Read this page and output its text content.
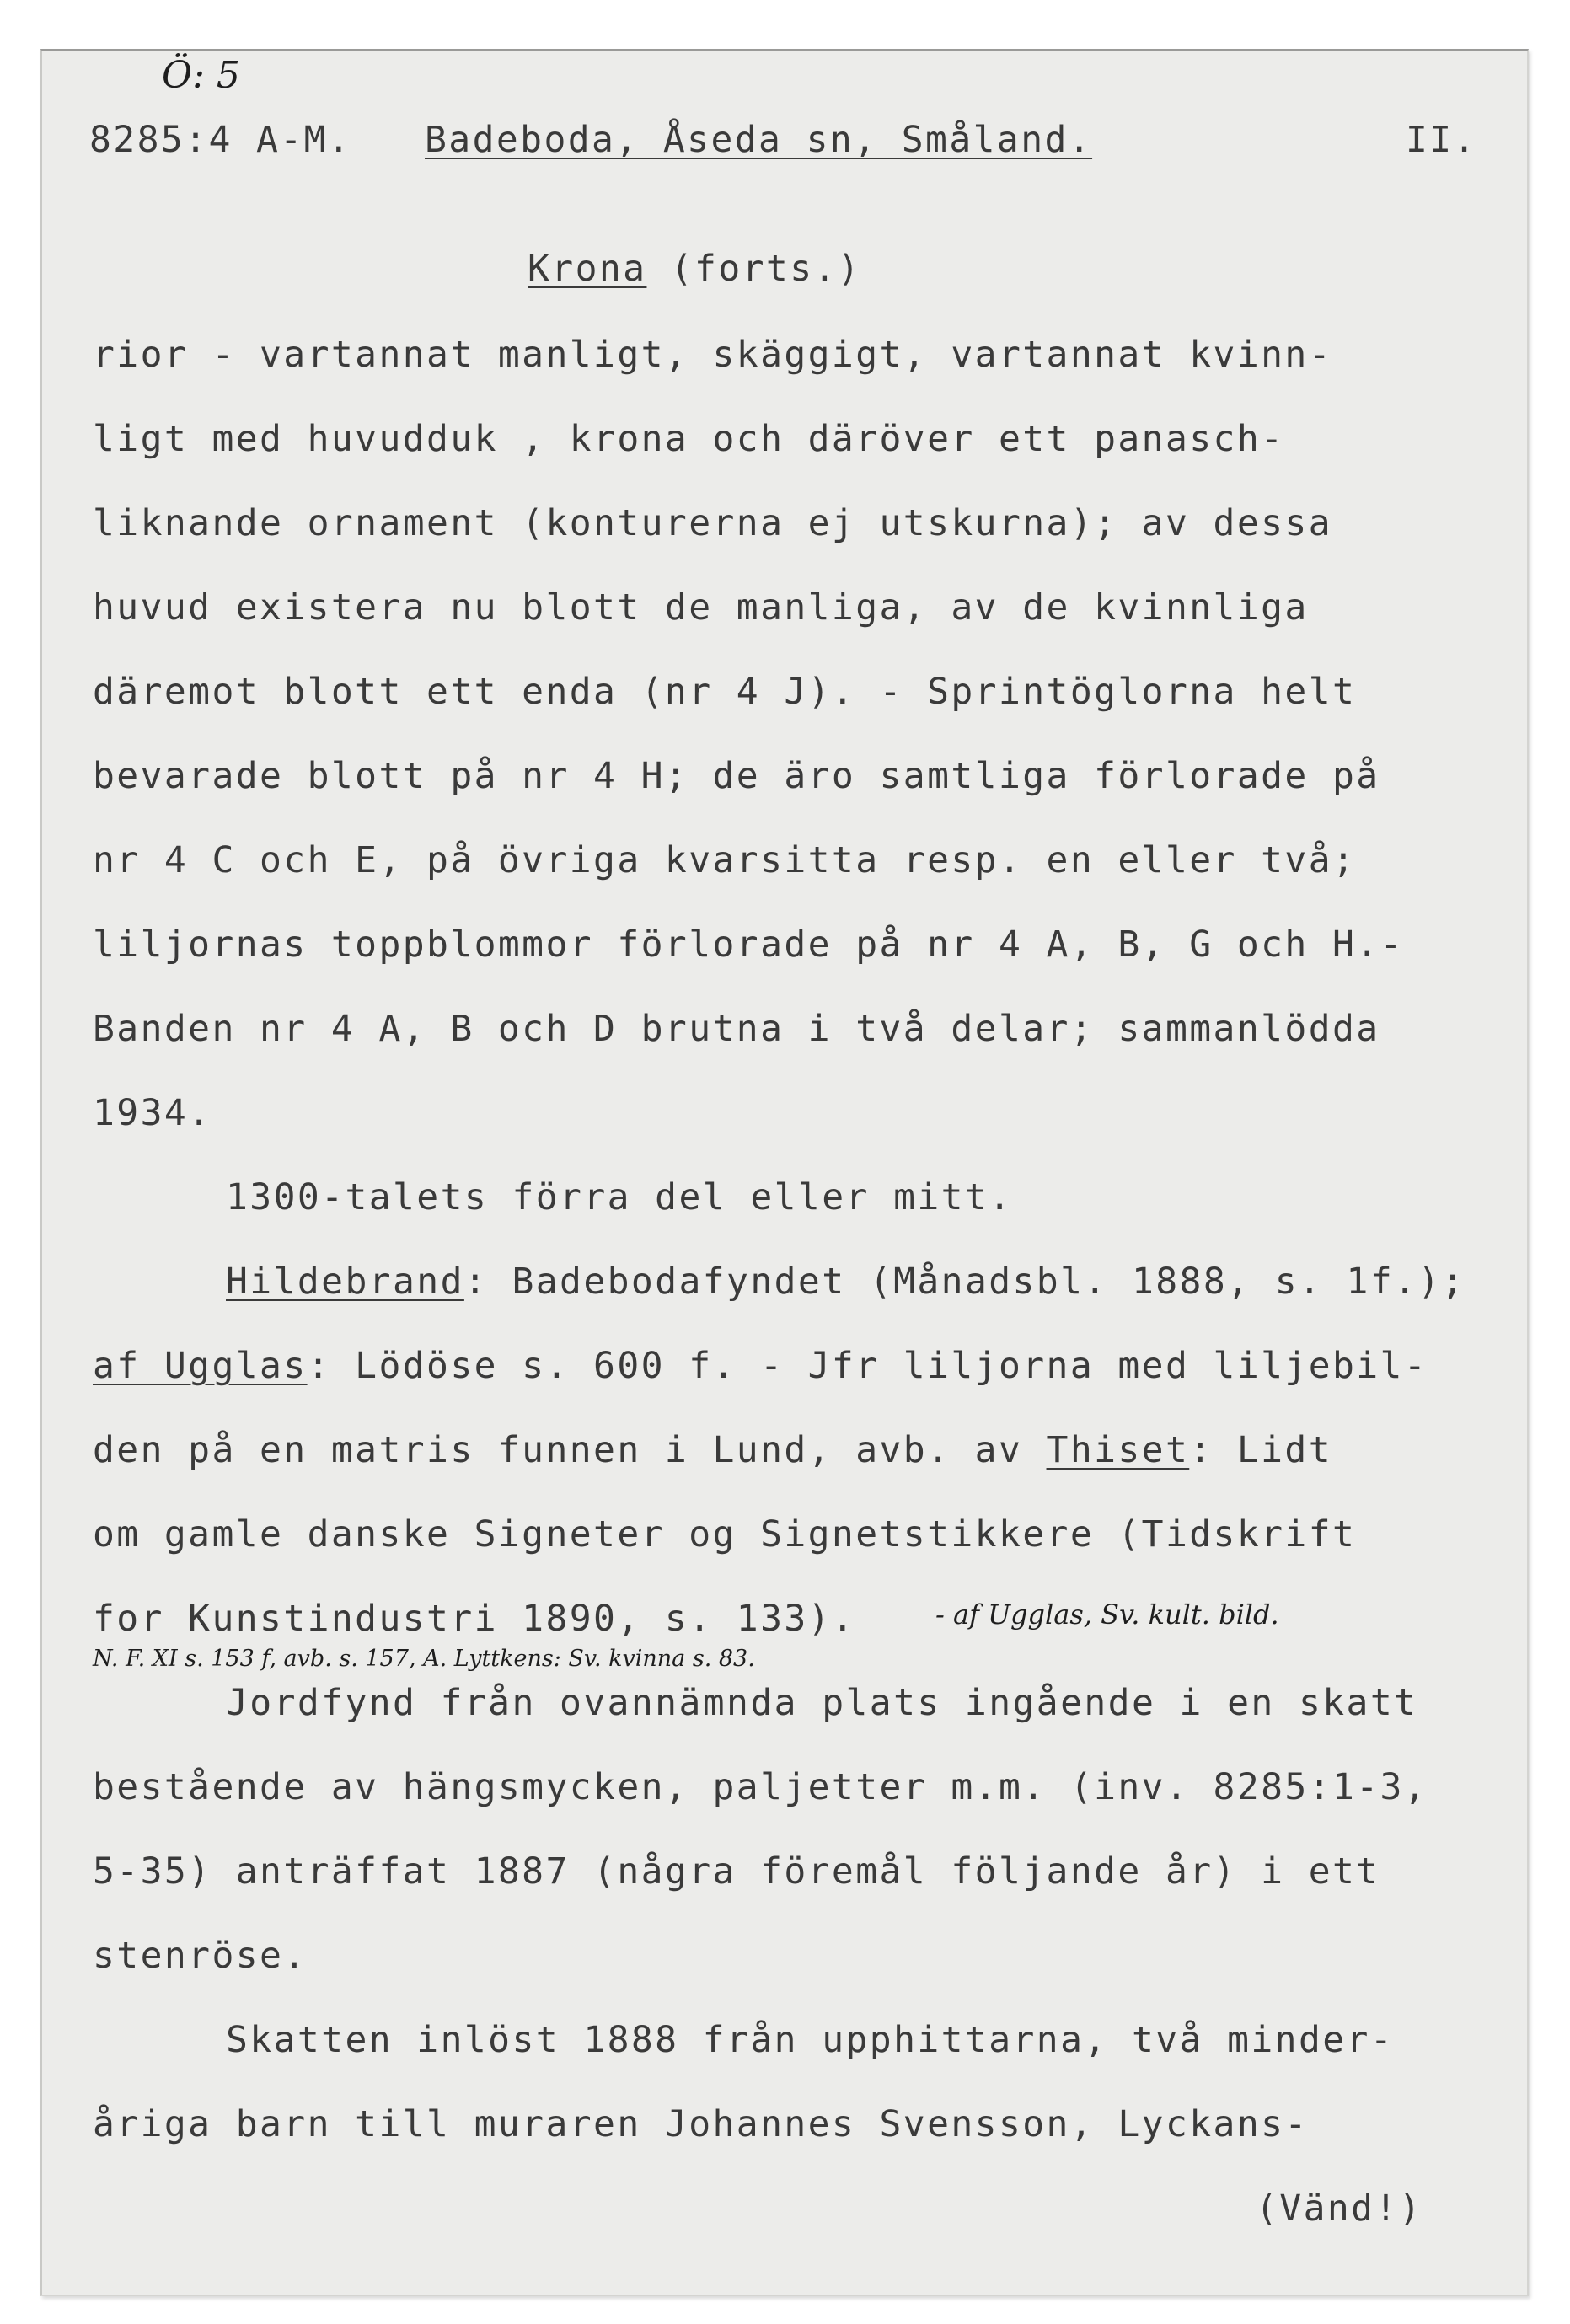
Ö: 5
8285:4 A-M. Badeboda, Åseda sn, Småland.	II.
Krona (forts.)
rior - vartannat manligt, skäggigt, vartannat kvinn-
ligt med huvudduk , krona och däröver ett panasch-
liknande ornament (konturerna ej utskurna); av dessa
huvud existera nu blott de manliga, av de kvinnliga
däremot blott ett enda (nr 4 J). - Sprintöglorna helt
bevarade blott på nr 4 H; de äro samtliga förlorade på
nr 4 C och E, på övriga kvarsitta resp. en eller två;
liljornas toppblommor förlorade på nr 4 A, B, G och H.-
Banden nr 4 A, B och D brutna i två delar; sammanlödda
1934.
1300-talets förra del eller mitt.
Hildebrand: Badebodafyndet (Månadsbl. 1888, s. 1f.);
af Ugglas: Lödöse s. 600 f. - Jfr liljorna med liljebil-
den på en matris funnen i Lund, avb. av Thiset: Lidt
om gamle danske Signeter og Signetstikkere (Tidskrift
for Kunstindustri 1890, s. 133).	- af Ugglas, Sv. kult. bild.
N. F. XI s. 153 f, avb. s. 157, A. Lyttkens: Sv. kvinna s. 83.
Jordfynd från ovannämnda plats ingående i en skatt
bestående av hängsmycken, paljetter m.m. (inv. 8285:1-3,
5-35) anträffat 1887 (några föremål följande år) i ett
stenröse.
Skatten inlöst 1888 från upphittarna, två minder-
åriga barn till muraren Johannes Svensson, Lyckans-
(Vänd!)
